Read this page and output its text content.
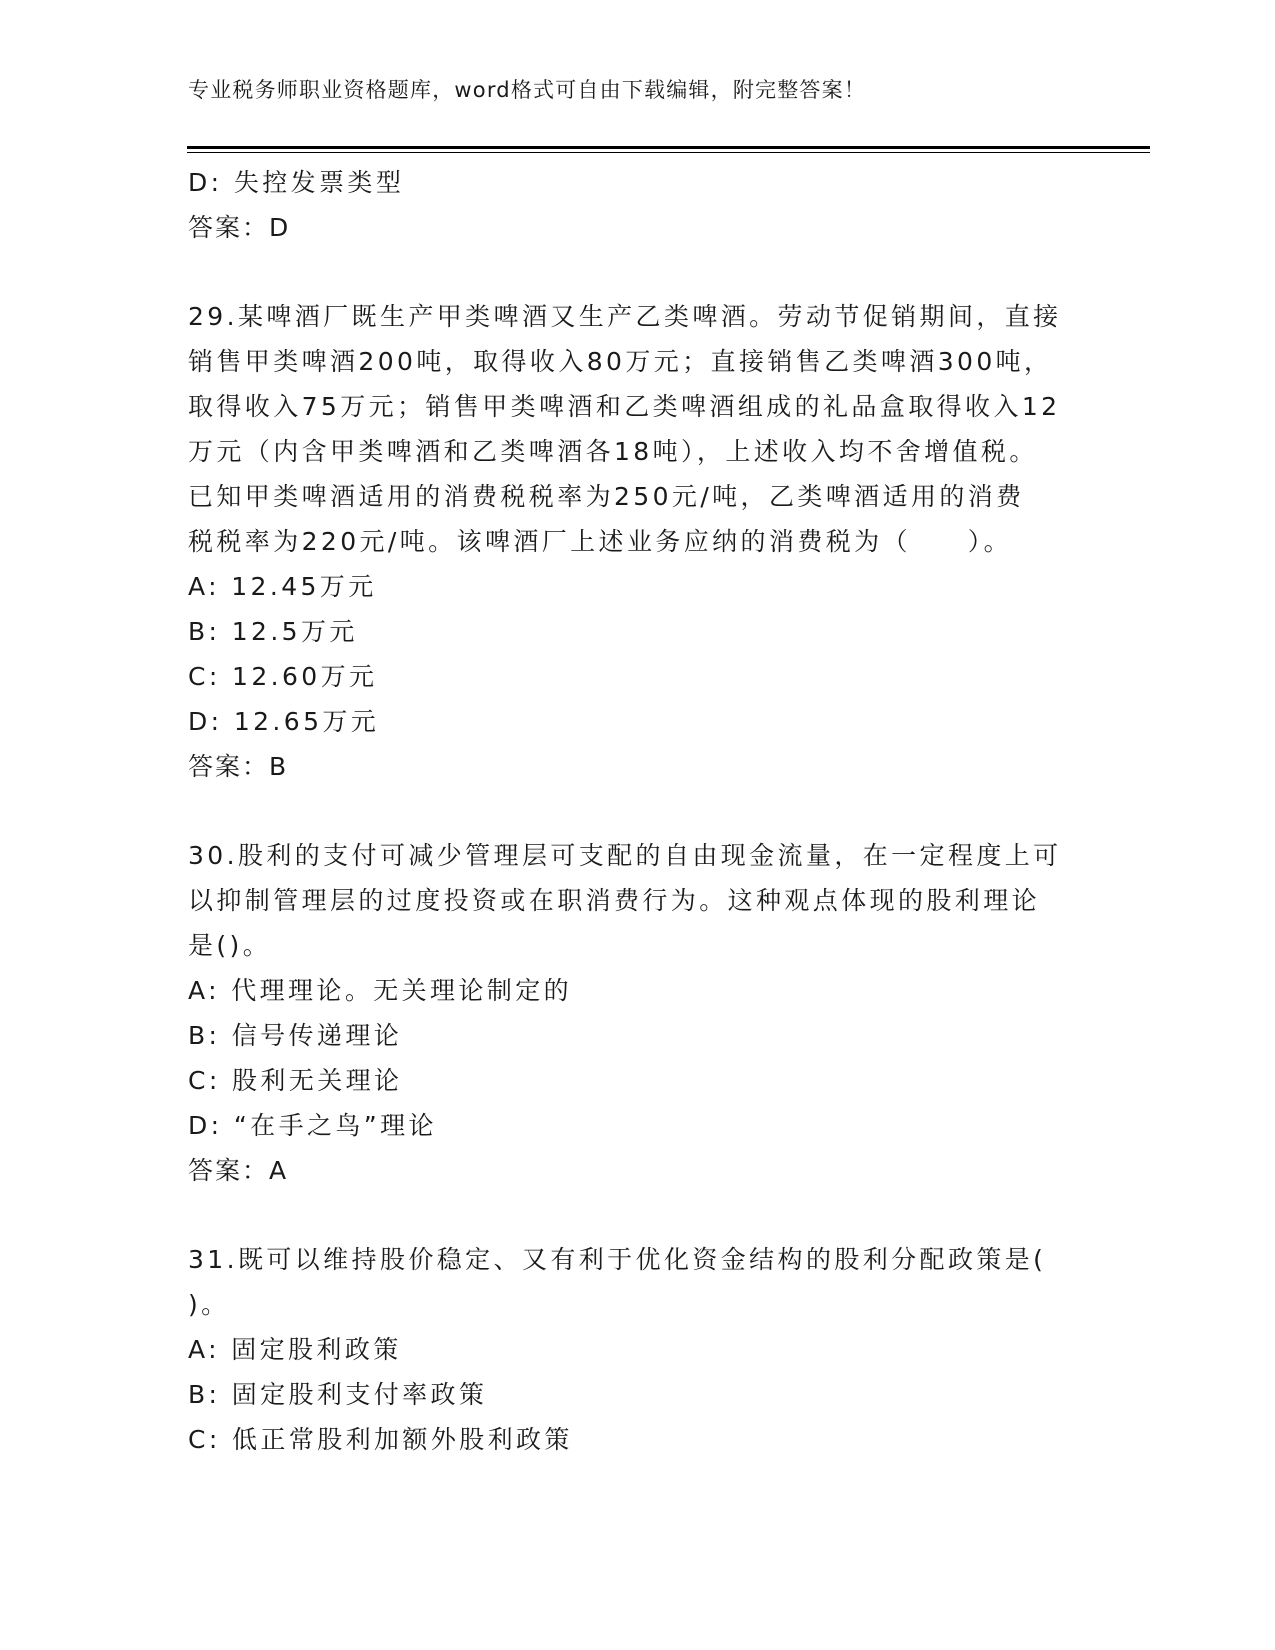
专业税务师职业资格题库，word格式可自由下载编辑，附完整答案！
D: 失控发票类型
答案：D
29.某啤酒厂既生产甲类啤酒又生产乙类啤酒。劳动节促销期间，直接
销售甲类啤酒200吨，取得收入80万元；直接销售乙类啤酒300吨，
取得收入75万元；销售甲类啤酒和乙类啤酒组成的礼品盒取得收入12
万元（内含甲类啤酒和乙类啤酒各18吨），上述收入均不舍增值税。
已知甲类啤酒适用的消费税税率为250元/吨，乙类啤酒适用的消费
税税率为220元/吨。该啤酒厂上述业务应纳的消费税为（　　）。
A: 12.45万元
B: 12.5万元
C: 12.60万元
D: 12.65万元
答案：B
30.股利的支付可减少管理层可支配的自由现金流量，在一定程度上可
以抑制管理层的过度投资或在职消费行为。这种观点体现的股利理论
是()。
A: 代理理论。无关理论制定的
B: 信号传递理论
C: 股利无关理论
D: “在手之鸟”理论
答案：A
31.既可以维持股价稳定、又有利于优化资金结构的股利分配政策是(
)。
A: 固定股利政策
B: 固定股利支付率政策
C: 低正常股利加额外股利政策
